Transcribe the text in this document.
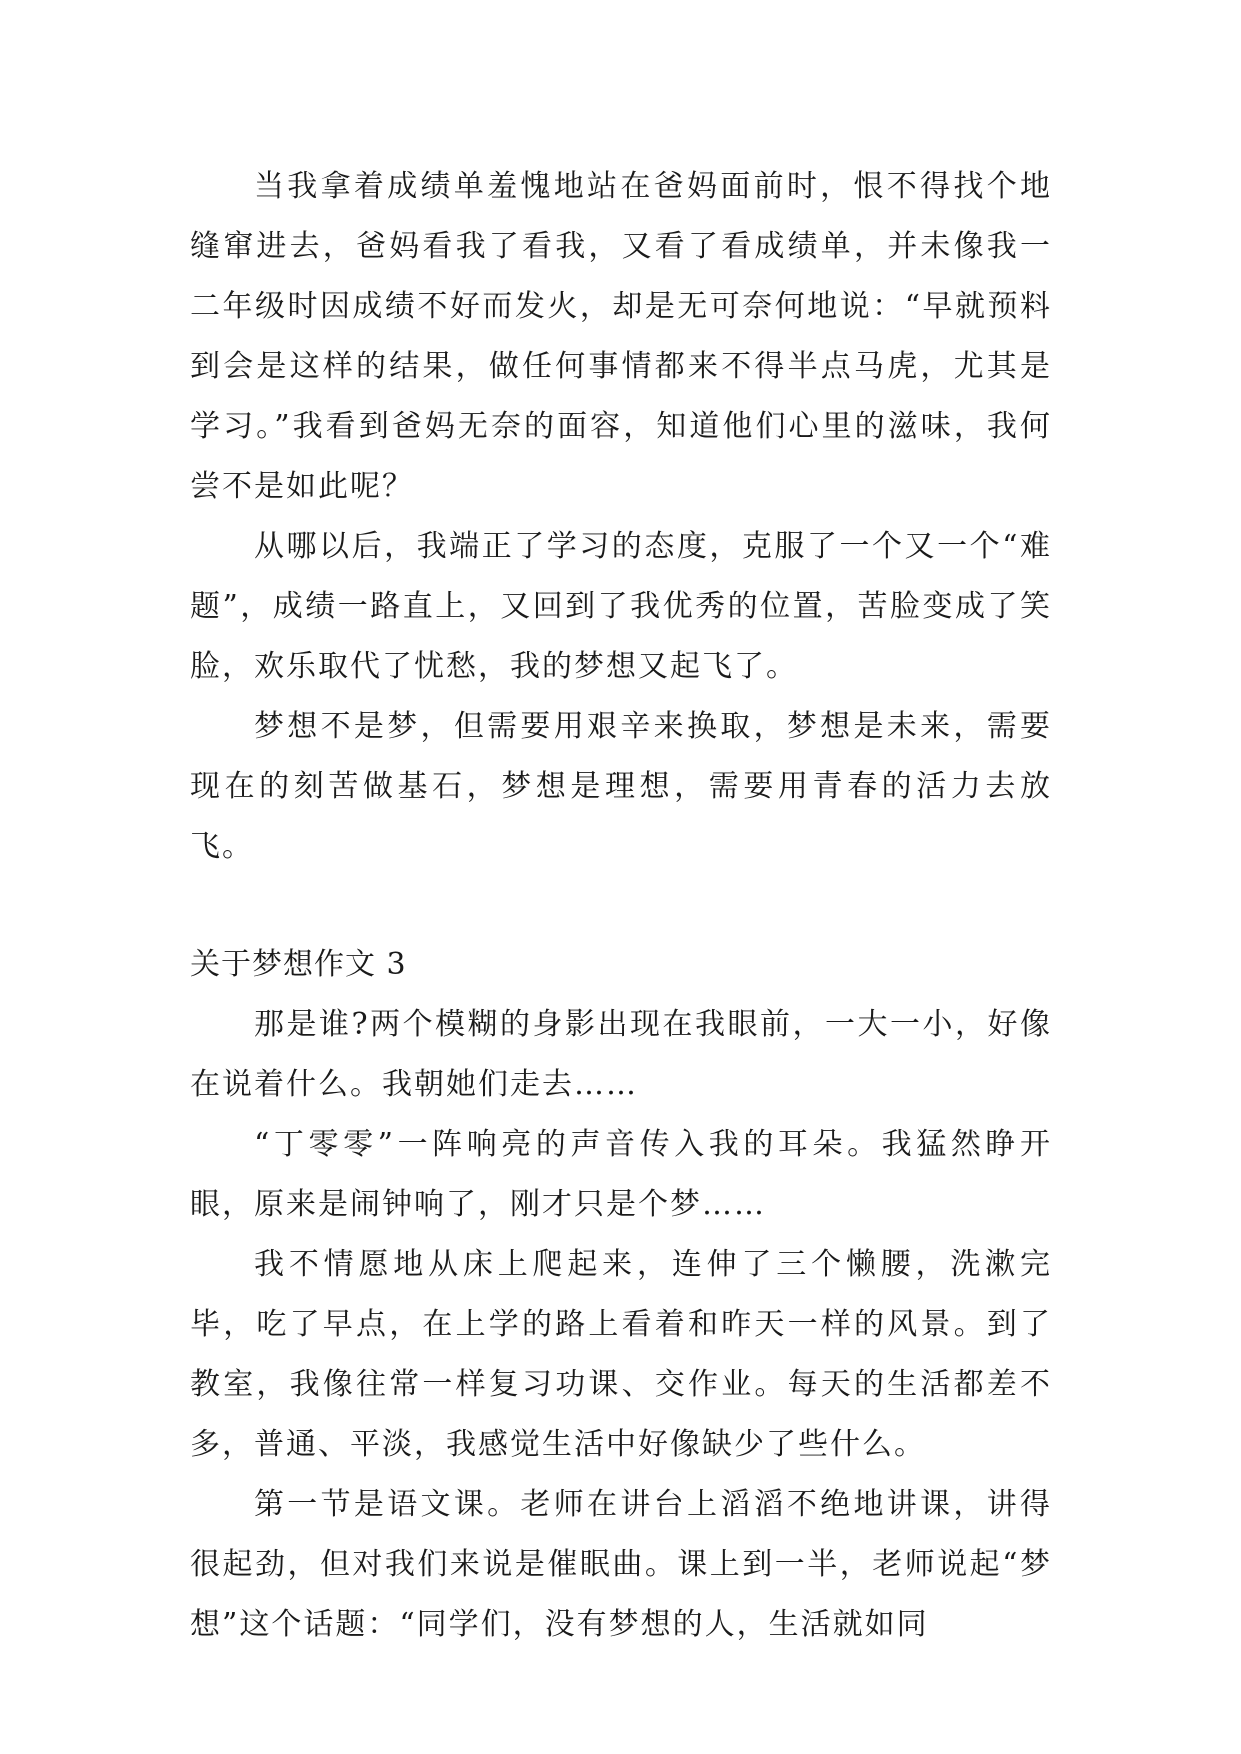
当我拿着成绩单羞愧地站在爸妈面前时，恨不得找个地缝窜进去，爸妈看我了看我，又看了看成绩单，并未像我一二年级时因成绩不好而发火，却是无可奈何地说：“早就预料到会是这样的结果，做任何事情都来不得半点马虎，尤其是学习。”我看到爸妈无奈的面容，知道他们心里的滋味，我何尝不是如此呢？

从哪以后，我端正了学习的态度，克服了一个又一个“难题”，成绩一路直上，又回到了我优秀的位置，苦脸变成了笑脸，欢乐取代了忧愁，我的梦想又起飞了。

梦想不是梦，但需要用艰辛来换取，梦想是未来，需要现在的刻苦做基石，梦想是理想，需要用青春的活力去放飞。

关于梦想作文 3

那是谁?两个模糊的身影出现在我眼前，一大一小，好像在说着什么。我朝她们走去……

“丁零零”一阵响亮的声音传入我的耳朵。我猛然睁开眼，原来是闹钟响了，刚才只是个梦……

我不情愿地从床上爬起来，连伸了三个懒腰，洗漱完毕，吃了早点，在上学的路上看着和昨天一样的风景。到了教室，我像往常一样复习功课、交作业。每天的生活都差不多，普通、平淡，我感觉生活中好像缺少了些什么。

第一节是语文课。老师在讲台上滔滔不绝地讲课，讲得很起劲，但对我们来说是催眠曲。课上到一半，老师说起“梦想”这个话题：“同学们，没有梦想的人，生活就如同
